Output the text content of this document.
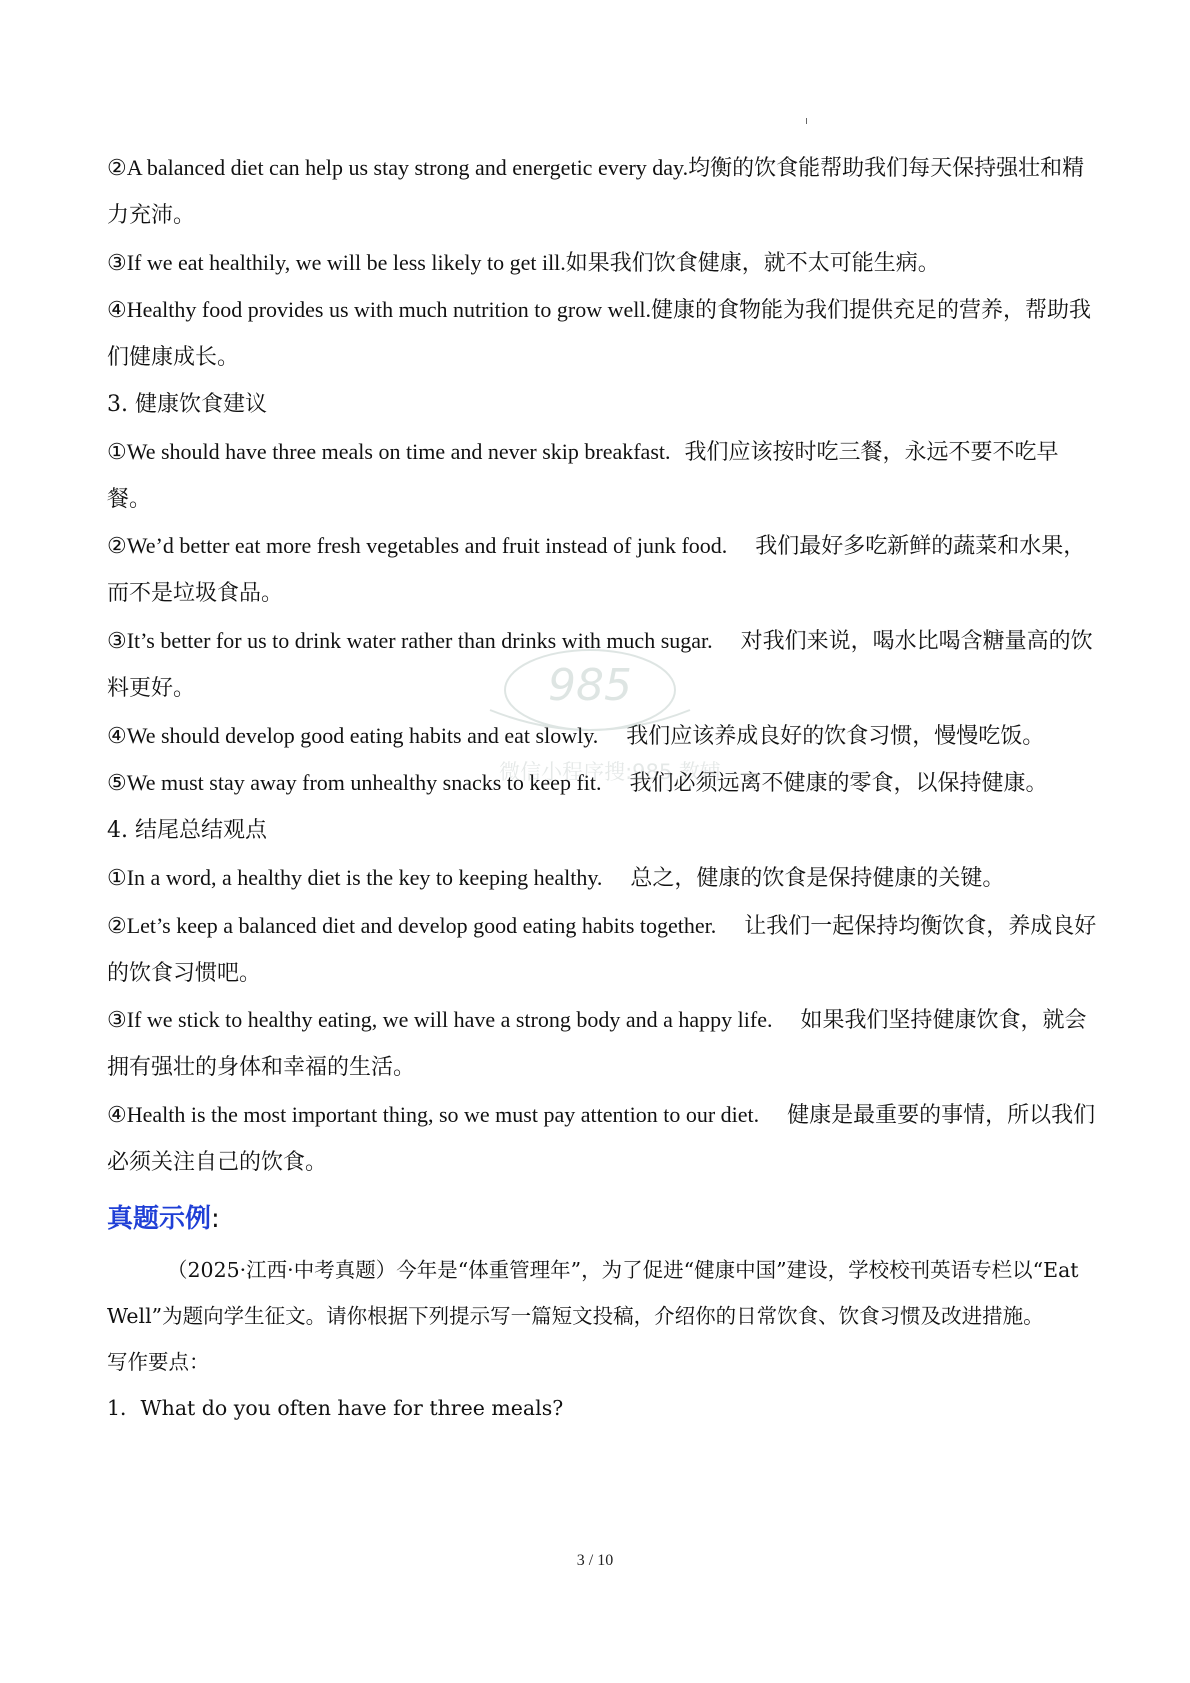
②A balanced diet can help us stay strong and energetic every day.均衡的饮食能帮助我们每天保持强壮和精力充沛。

③If we eat healthily, we will be less likely to get ill.如果我们饮食健康，就不太可能生病。

④Healthy food provides us with much nutrition to grow well.健康的食物能为我们提供充足的营养，帮助我们健康成长。

3. 健康饮食建议

①We should have three meals on time and never skip breakfast. 我们应该按时吃三餐，永远不要不吃早餐。

②We’d better eat more fresh vegetables and fruit instead of junk food. 我们最好多吃新鲜的蔬菜和水果，而不是垃圾食品。

③It’s better for us to drink water rather than drinks with much sugar. 对我们来说，喝水比喝含糖量高的饮料更好。

④We should develop good eating habits and eat slowly. 我们应该养成良好的饮食习惯，慢慢吃饭。

⑤We must stay away from unhealthy snacks to keep fit. 我们必须远离不健康的零食，以保持健康。

4. 结尾总结观点

①In a word, a healthy diet is the key to keeping healthy. 总之，健康的饮食是保持健康的关键。

②Let’s keep a balanced diet and develop good eating habits together. 让我们一起保持均衡饮食，养成良好的饮食习惯吧。

③If we stick to healthy eating, we will have a strong body and a happy life. 如果我们坚持健康饮食，就会拥有强壮的身体和幸福的生活。

④Health is the most important thing, so we must pay attention to our diet. 健康是最重要的事情，所以我们必须关注自己的饮食。

真题示例:

（2025·江西·中考真题）今年是“体重管理年”，为了促进“健康中国”建设，学校校刊英语专栏以“Eat Well”为题向学生征文。请你根据下列提示写一篇短文投稿，介绍你的日常饮食、饮食习惯及改进措施。

写作要点：

1．What do you often have for three meals?

985
微信小程序搜:985 教辅
3 / 10
